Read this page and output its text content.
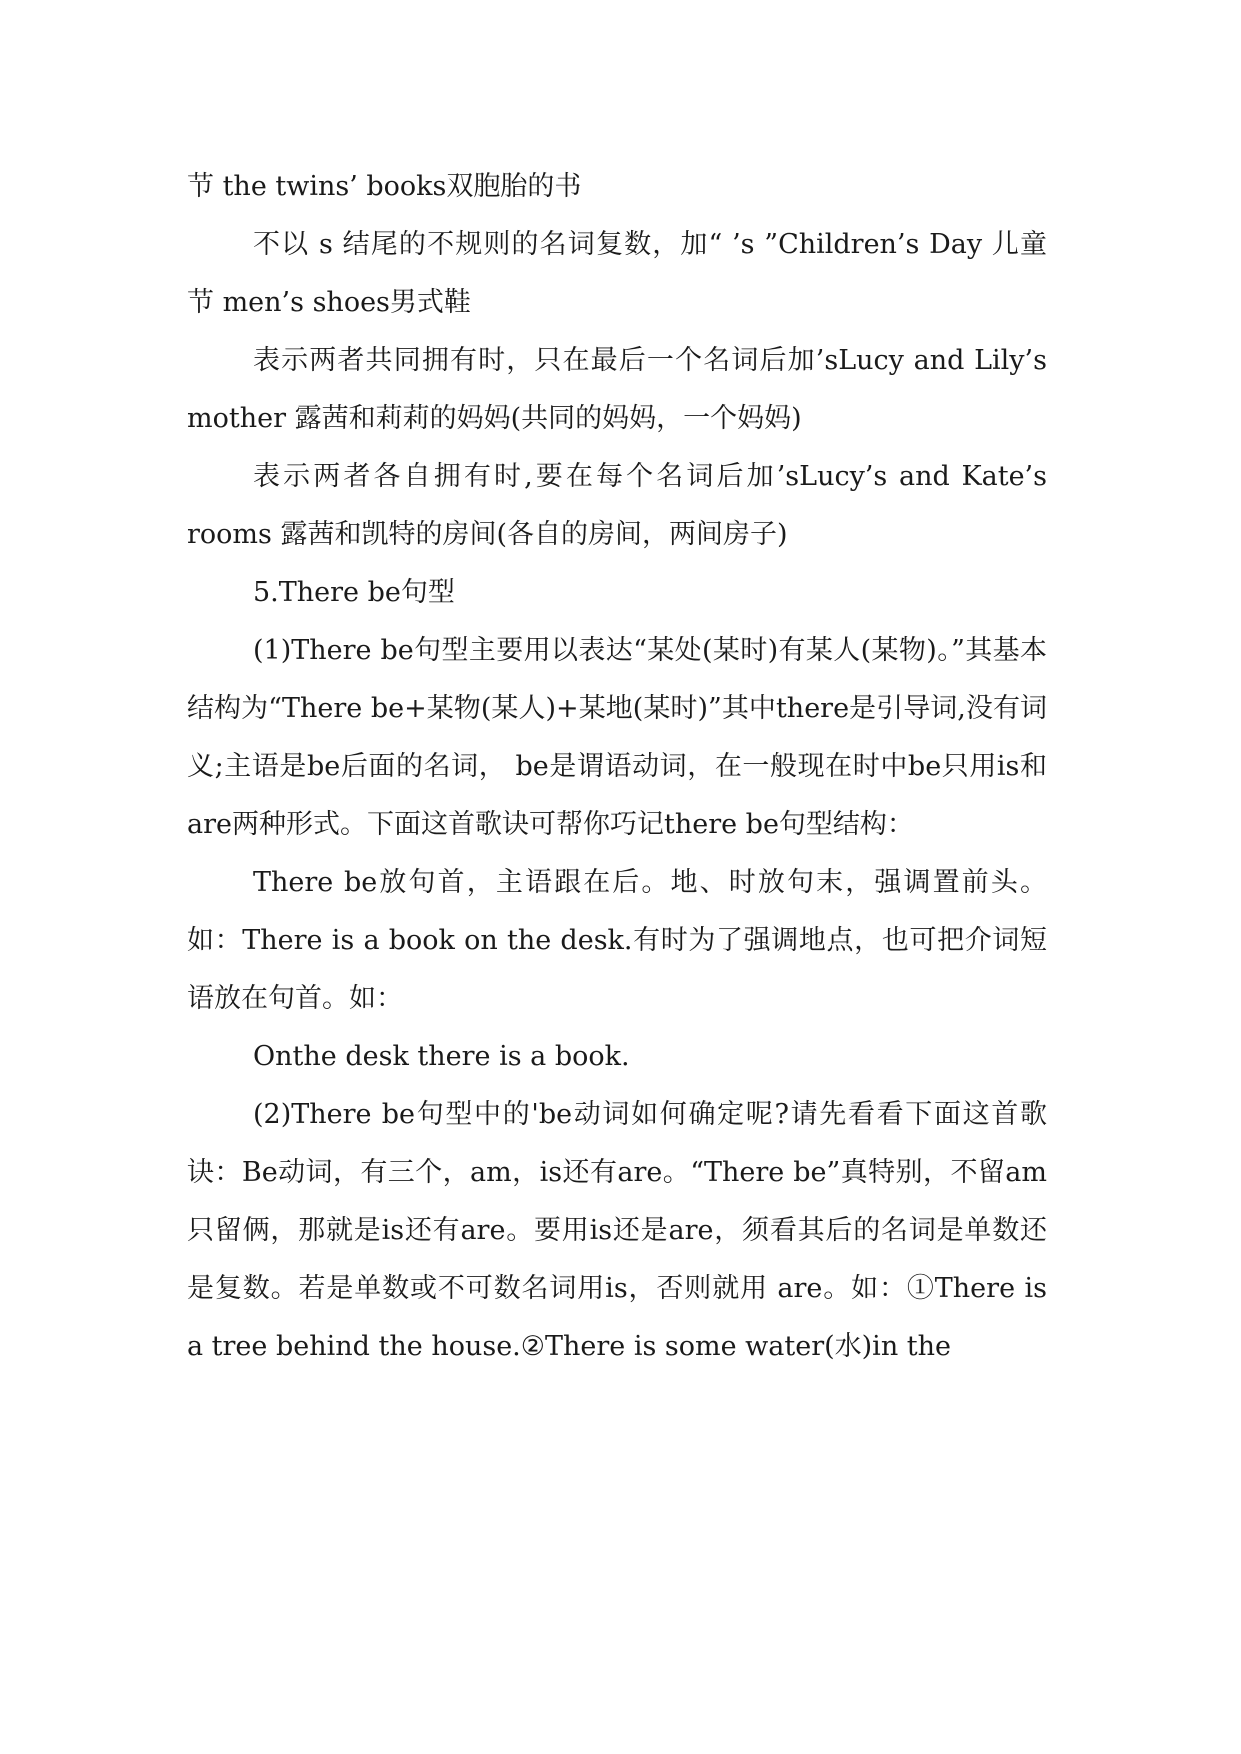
节 the twins’ books双胞胎的书

不以 s 结尾的不规则的名词复数，加“ ’s ”Children’s Day 儿童节 men’s shoes男式鞋

表示两者共同拥有时，只在最后一个名词后加’sLucy and Lily’s mother 露茜和莉莉的妈妈(共同的妈妈，一个妈妈)

表示两者各自拥有时,要在每个名词后加’sLucy’s and Kate’s rooms 露茜和凯特的房间(各自的房间，两间房子)

5.There be句型

(1)There be句型主要用以表达“某处(某时)有某人(某物)。”其基本结构为“There be+某物(某人)+某地(某时)”其中there是引导词,没有词义;主语是be后面的名词， be是谓语动词，在一般现在时中be只用is和are两种形式。下面这首歌诀可帮你巧记there be句型结构：

There be放句首，主语跟在后。地、时放句末，强调置前头。如：There is a book on the desk.有时为了强调地点，也可把介词短语放在句首。如：

Onthe desk there is a book.

(2)There be句型中的'be动词如何确定呢?请先看看下面这首歌诀：Be动词，有三个，am，is还有are。“There be”真特别，不留am只留俩，那就是is还有are。要用is还是are，须看其后的名词是单数还是复数。若是单数或不可数名词用is，否则就用 are。如：①There is a tree behind the house.②There is some water(水)in the
